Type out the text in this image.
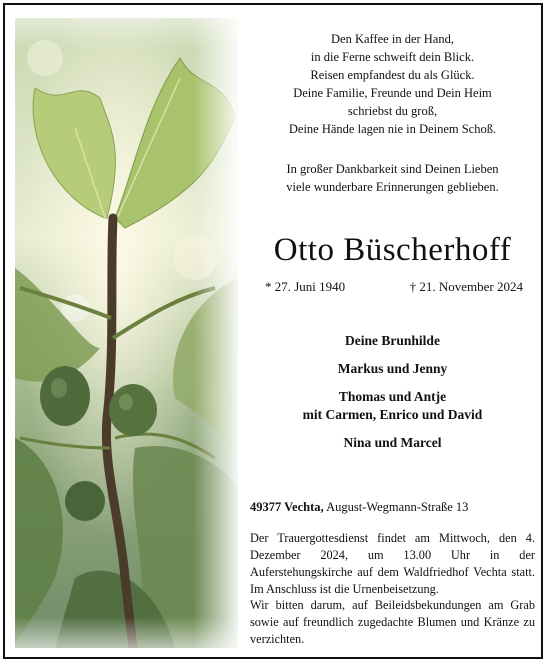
Den Kaffee in der Hand,
in die Ferne schweift dein Blick.
Reisen empfandest du als Glück.
Deine Familie, Freunde und Dein Heim
schriebst du groß,
Deine Hände lagen nie in Deinem Schoß.
In großer Dankbarkeit sind Deinen Lieben
viele wunderbare Erinnerungen geblieben.
Otto Büscherhoff
* 27. Juni 1940	† 21. November 2024
Deine Brunhilde
Markus und Jenny
Thomas und Antje
mit Carmen, Enrico und David
Nina und Marcel
49377 Vechta, August-Wegmann-Straße 13
Der Trauergottesdienst findet am Mittwoch, den 4. Dezember 2024, um 13.00 Uhr in der Auferstehungskirche auf dem Waldfriedhof Vechta statt. Im Anschluss ist die Urnenbeisetzung.
Wir bitten darum, auf Beileidsbekundungen am Grab sowie auf freundlich zugedachte Blumen und Kränze zu verzichten.
